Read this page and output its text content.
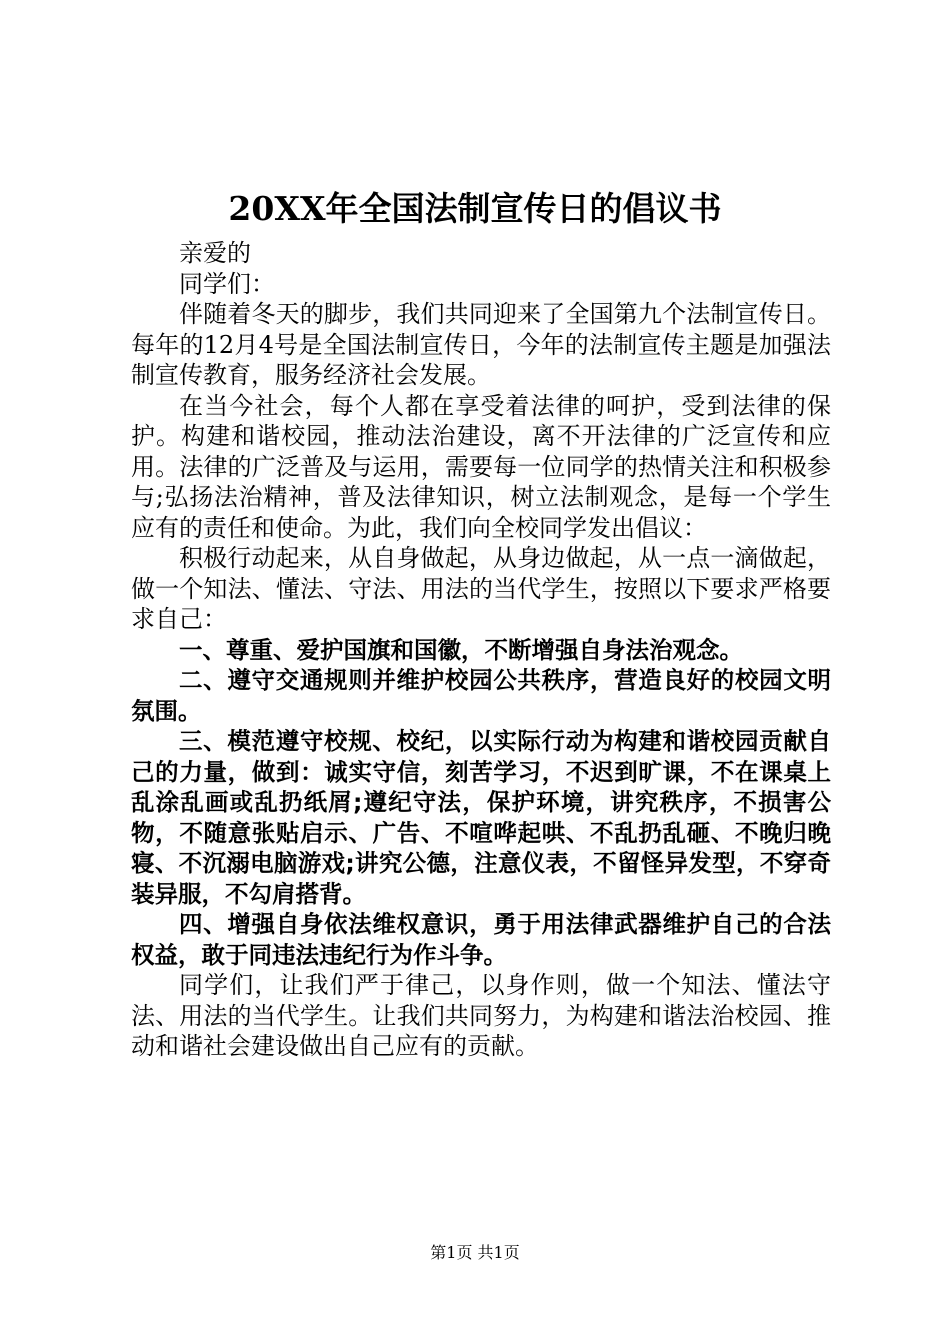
20XX年全国法制宣传日的倡议书

亲爱的

同学们：

伴随着冬天的脚步，我们共同迎来了全国第九个法制宣传日。每年的12月4号是全国法制宣传日，今年的法制宣传主题是加强法制宣传教育，服务经济社会发展。

在当今社会，每个人都在享受着法律的呵护，受到法律的保护。构建和谐校园，推动法治建设，离不开法律的广泛宣传和应用。法律的广泛普及与运用，需要每一位同学的热情关注和积极参与;弘扬法治精神，普及法律知识，树立法制观念，是每一个学生应有的责任和使命。为此，我们向全校同学发出倡议：

积极行动起来，从自身做起，从身边做起，从一点一滴做起，做一个知法、懂法、守法、用法的当代学生，按照以下要求严格要求自己：

一、尊重、爱护国旗和国徽，不断增强自身法治观念。

二、遵守交通规则并维护校园公共秩序，营造良好的校园文明氛围。

三、模范遵守校规、校纪，以实际行动为构建和谐校园贡献自己的力量，做到：诚实守信，刻苦学习，不迟到旷课，不在课桌上乱涂乱画或乱扔纸屑;遵纪守法，保护环境，讲究秩序，不损害公物，不随意张贴启示、广告、不喧哗起哄、不乱扔乱砸、不晚归晚寝、不沉溺电脑游戏;讲究公德，注意仪表，不留怪异发型，不穿奇装异服，不勾肩搭背。

四、增强自身依法维权意识，勇于用法律武器维护自己的合法权益，敢于同违法违纪行为作斗争。

同学们，让我们严于律己，以身作则，做一个知法、懂法守法、用法的当代学生。让我们共同努力，为构建和谐法治校园、推动和谐社会建设做出自己应有的贡献。

第1页 共1页
